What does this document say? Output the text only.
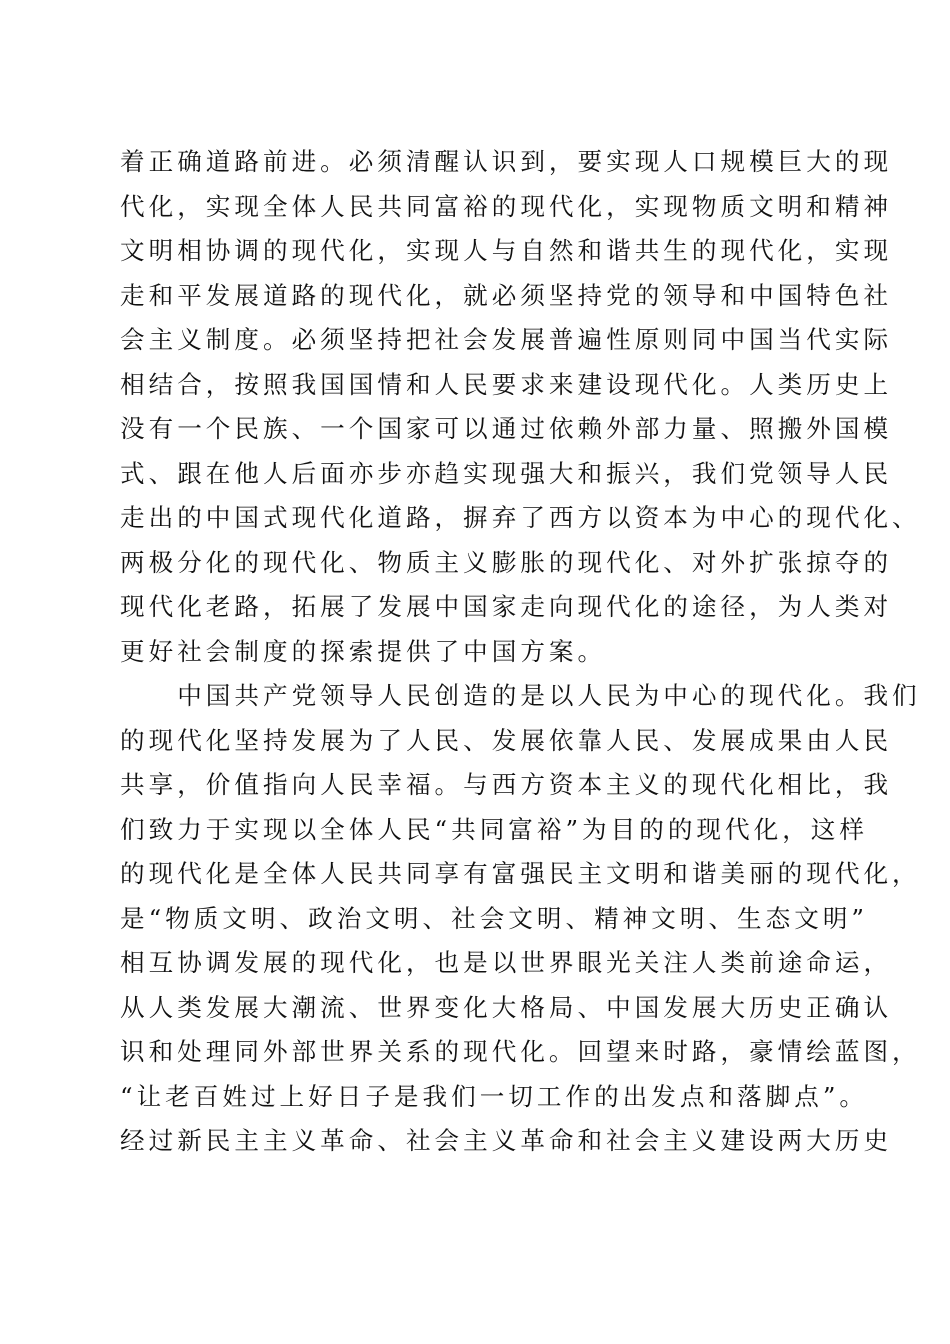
着正确道路前进。必须清醒认识到，要实现人口规模巨大的现
代化，实现全体人民共同富裕的现代化，实现物质文明和精神
文明相协调的现代化，实现人与自然和谐共生的现代化，实现
走和平发展道路的现代化，就必须坚持党的领导和中国特色社
会主义制度。必须坚持把社会发展普遍性原则同中国当代实际
相结合，按照我国国情和人民要求来建设现代化。人类历史上
没有一个民族、一个国家可以通过依赖外部力量、照搬外国模
式、跟在他人后面亦步亦趋实现强大和振兴，我们党领导人民
走出的中国式现代化道路，摒弃了西方以资本为中心的现代化、
两极分化的现代化、物质主义膨胀的现代化、对外扩张掠夺的
现代化老路，拓展了发展中国家走向现代化的途径，为人类对
更好社会制度的探索提供了中国方案。
　　中国共产党领导人民创造的是以人民为中心的现代化。我们
的现代化坚持发展为了人民、发展依靠人民、发展成果由人民
共享，价值指向人民幸福。与西方资本主义的现代化相比，我
们致力于实现以全体人民“共同富裕”为目的的现代化，这样
的现代化是全体人民共同享有富强民主文明和谐美丽的现代化，
是“物质文明、政治文明、社会文明、精神文明、生态文明”
相互协调发展的现代化，也是以世界眼光关注人类前途命运，
从人类发展大潮流、世界变化大格局、中国发展大历史正确认
识和处理同外部世界关系的现代化。回望来时路，豪情绘蓝图，
“让老百姓过上好日子是我们一切工作的出发点和落脚点”。
经过新民主主义革命、社会主义革命和社会主义建设两大历史
